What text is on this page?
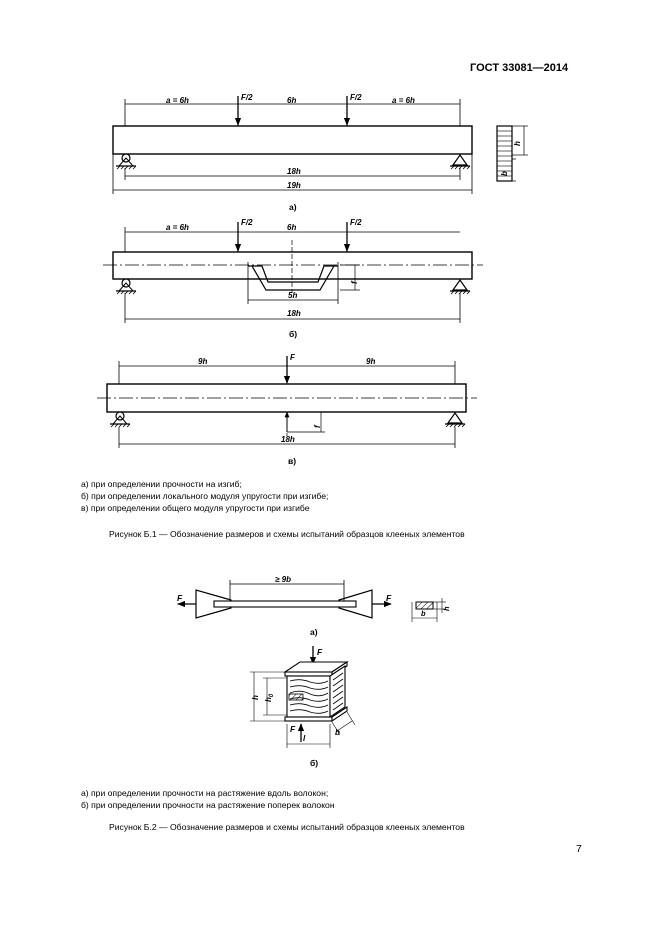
ГОСТ 33081—2014
a = 6h	6h	a = 6h
F/2	F/2
18h
19h
h
b
а)
a = 6h	6h
F/2	F/2
5h
f
18h
б)
9h	9h
F
f
18h
в)
F	F
≥ 9b
b
h
а)
F
F
h $h_0$
l
b
б)
а) при определении прочности на изгиб;
б) при определении локального модуля упругости при изгибе;
в) при определении общего модуля упругости при изгибе
Рисунок Б.1 — Обозначение размеров и схемы испытаний образцов клееных элементов
а) при определении прочности на растяжение вдоль волокон;
б) при определении прочности на растяжение поперек волокон
Рисунок Б.2 — Обозначение размеров и схемы испытаний образцов клееных элементов
7
